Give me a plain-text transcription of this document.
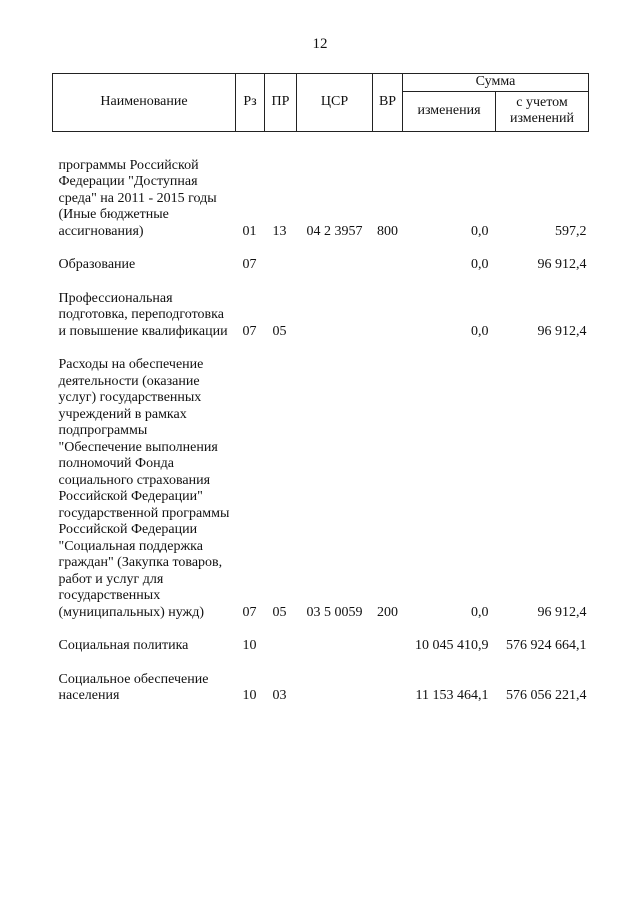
12
Наименование	Рз	ПР	ЦСР	ВР	Сумма	
					изменения	с учетом изменений

программы Российской Федерации "Доступная среда" на 2011 - 2015 годы (Иные бюджетные ассигнования)	01	13	04 2 3957	800	0,0	597,2

Образование	07				0,0	96 912,4

Профессиональная подготовка, переподготовка и повышение квалификации	07	05			0,0	96 912,4

Расходы на обеспечение деятельности (оказание услуг) государственных учреждений в рамках подпрограммы "Обеспечение выполнения полномочий Фонда социального страхования Российской Федерации" государственной программы Российской Федерации "Социальная поддержка граждан" (Закупка товаров, работ и услуг для государственных (муниципальных) нужд)	07	05	03 5 0059	200	0,0	96 912,4

Социальная политика	10				10 045 410,9	576 924 664,1

Социальное обеспечение населения	10	03			11 153 464,1	576 056 221,4
